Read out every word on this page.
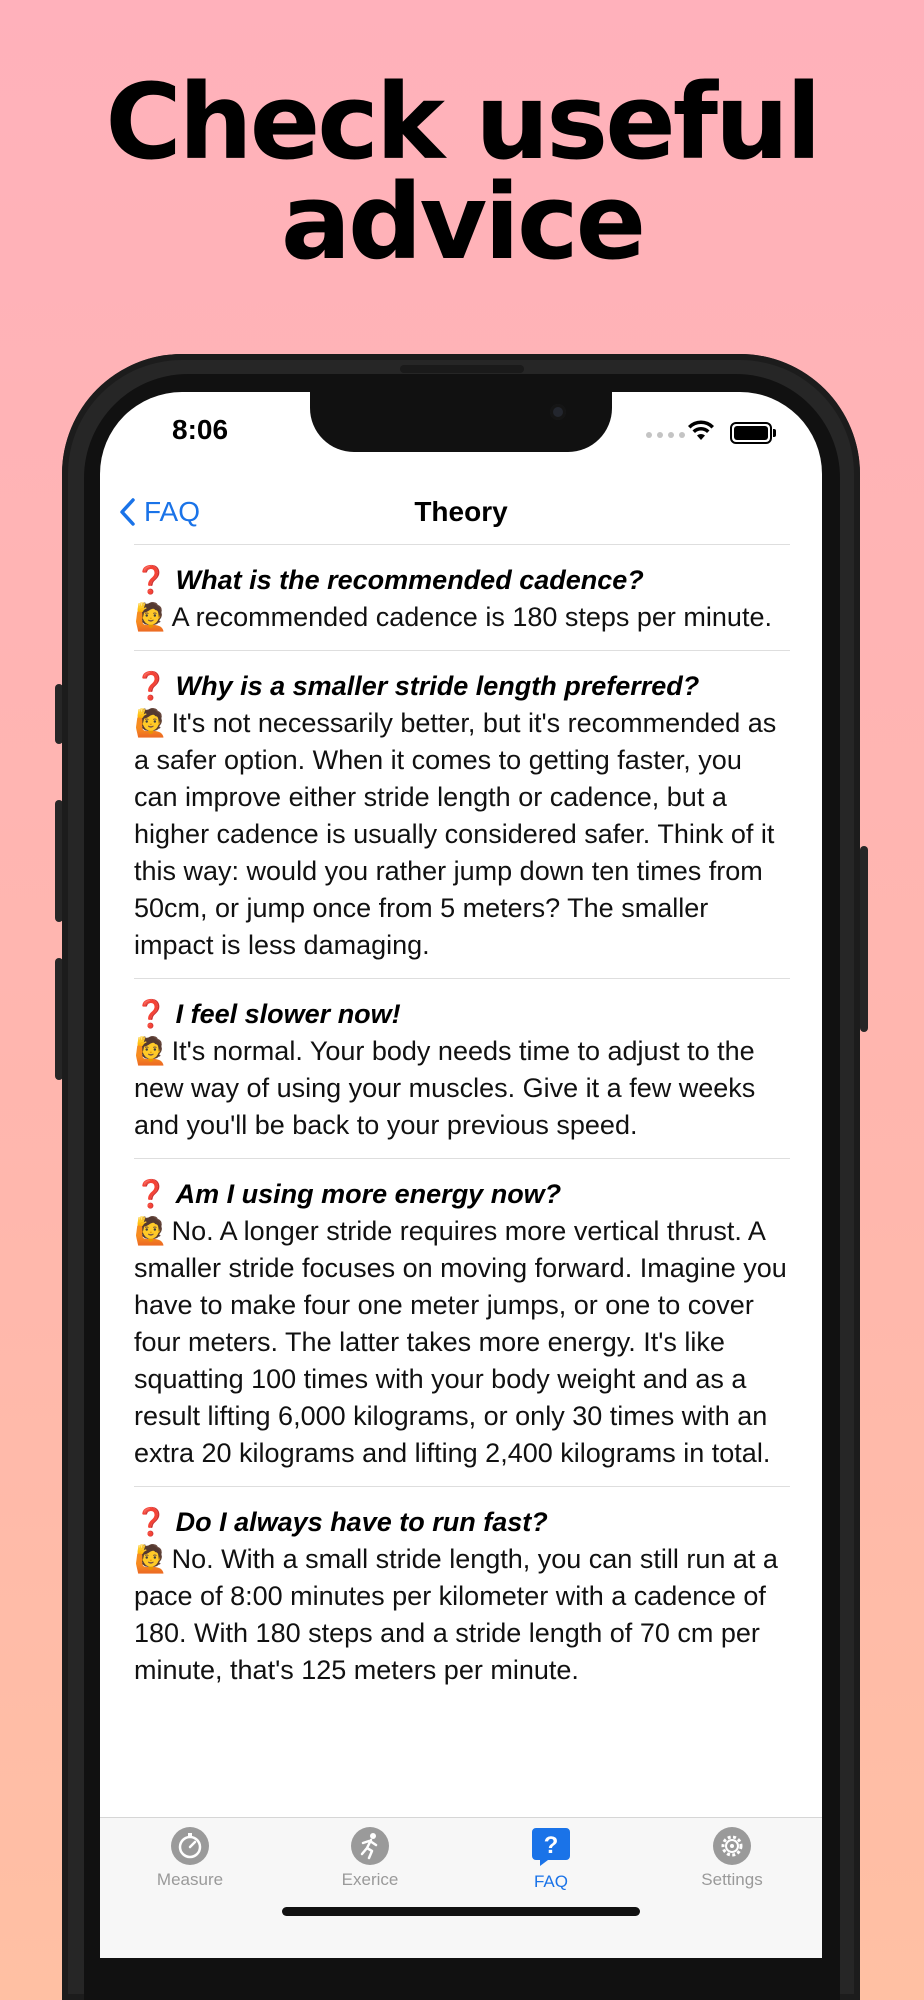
Check useful
advice
8:06
FAQ	Theory
❓ What is the recommended cadence?
🙋 A recommended cadence is 180 steps per minute.
❓ Why is a smaller stride length preferred?
🙋 It's not necessarily better, but it's recommended as a safer option. When it comes to getting faster, you can improve either stride length or cadence, but a higher cadence is usually considered safer. Think of it this way: would you rather jump down ten times from 50cm, or jump once from 5 meters? The smaller impact is less damaging.
❓ I feel slower now!
🙋 It's normal. Your body needs time to adjust to the new way of using your muscles. Give it a few weeks and you'll be back to your previous speed.
❓ Am I using more energy now?
🙋 No. A longer stride requires more vertical thrust. A smaller stride focuses on moving forward. Imagine you have to make four one meter jumps, or one to cover four meters. The latter takes more energy. It's like squatting 100 times with your body weight and as a result lifting 6,000 kilograms, or only 30 times with an extra 20 kilograms and lifting 2,400 kilograms in total.
❓ Do I always have to run fast?
🙋 No. With a small stride length, you can still run at a pace of 8:00 minutes per kilometer with a cadence of 180. With 180 steps and a stride length of 70 cm per minute, that's 125 meters per minute.
Measure	Exerice
?
FAQ	Settings
